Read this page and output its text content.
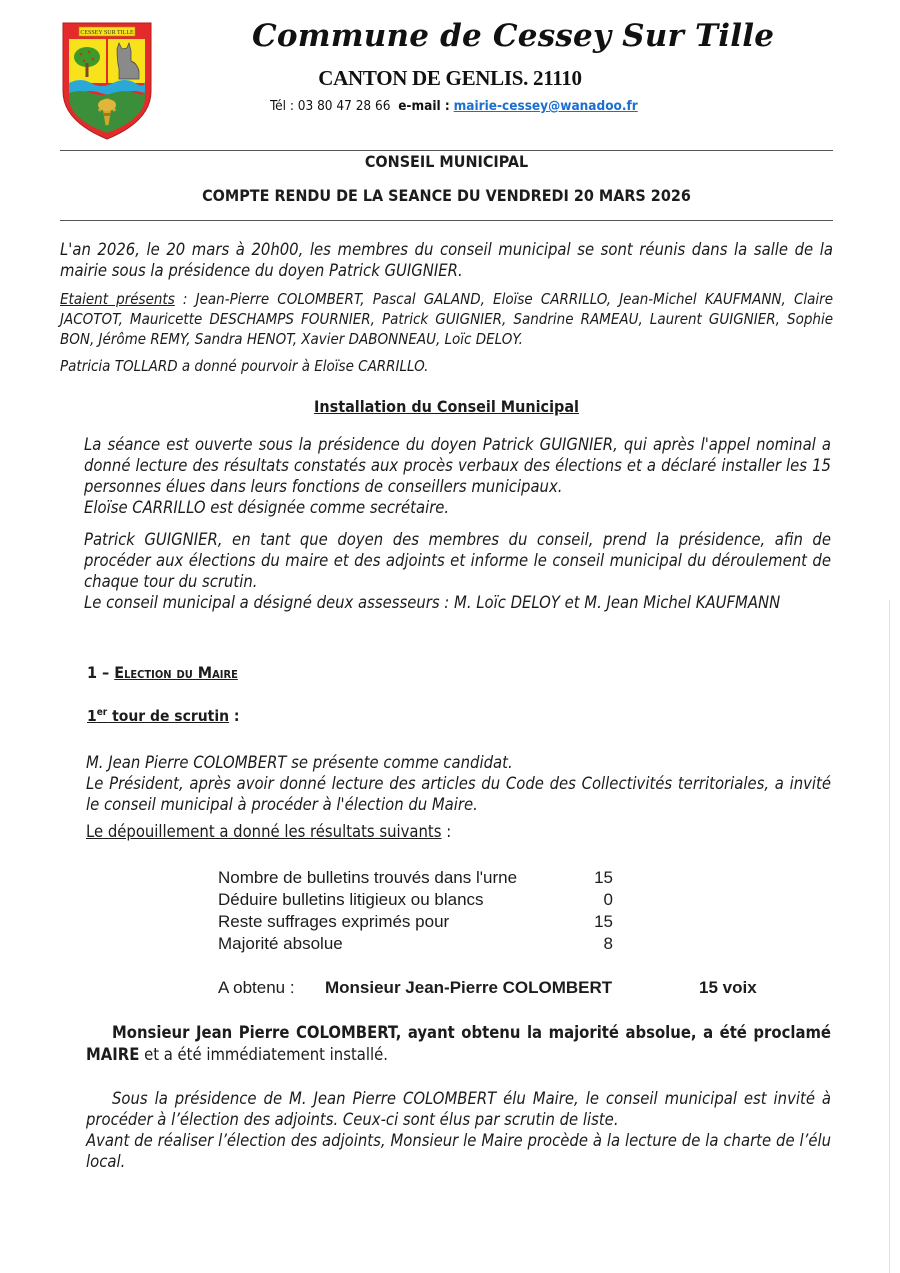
CESSEY SUR TILLE	Commune de Cessey Sur Tille
CANTON DE GENLIS. 21110
Tél : 03 80 47 28 66 e-mail : mairie-cessey@wanadoo.fr
CONSEIL MUNICIPAL
COMPTE RENDU DE LA SEANCE DU VENDREDI 20 MARS 2026
L'an 2026, le 20 mars à 20h00, les membres du conseil municipal se sont réunis dans la salle de la mairie sous la présidence du doyen Patrick GUIGNIER.
Etaient présents : Jean-Pierre COLOMBERT, Pascal GALAND, Eloïse CARRILLO, Jean-Michel KAUFMANN, Claire JACOTOT, Mauricette DESCHAMPS FOURNIER, Patrick GUIGNIER, Sandrine RAMEAU, Laurent GUIGNIER, Sophie BON, Jérôme REMY, Sandra HENOT, Xavier DABONNEAU, Loïc DELOY.
Patricia TOLLARD a donné pourvoir à Eloïse CARRILLO.
Installation du Conseil Municipal
La séance est ouverte sous la présidence du doyen Patrick GUIGNIER, qui après l'appel nominal a donné lecture des résultats constatés aux procès verbaux des élections et a déclaré installer les 15 personnes élues dans leurs fonctions de conseillers municipaux.
Eloïse CARRILLO est désignée comme secrétaire.
Patrick GUIGNIER, en tant que doyen des membres du conseil, prend la présidence, afin de procéder aux élections du maire et des adjoints et informe le conseil municipal du déroulement de chaque tour du scrutin.
Le conseil municipal a désigné deux assesseurs : M. Loïc DELOY et M. Jean Michel KAUFMANN
1 – Election du Maire
1er tour de scrutin :
M. Jean Pierre COLOMBERT se présente comme candidat.
Le Président, après avoir donné lecture des articles du Code des Collectivités territoriales, a invité le conseil municipal à procéder à l'élection du Maire.
Le dépouillement a donné les résultats suivants :
Nombre de bulletins trouvés dans l'urne	15
Déduire bulletins litigieux ou blancs	0
Reste suffrages exprimés pour	15
Majorité absolue	8
A obtenu : Monsieur Jean-Pierre COLOMBERT	15 voix
Monsieur Jean Pierre COLOMBERT, ayant obtenu la majorité absolue, a été proclamé MAIRE et a été immédiatement installé.
Sous la présidence de M. Jean Pierre COLOMBERT élu Maire, le conseil municipal est invité à procéder à l’élection des adjoints. Ceux-ci sont élus par scrutin de liste.
Avant de réaliser l’élection des adjoints, Monsieur le Maire procède à la lecture de la charte de l’élu local.
